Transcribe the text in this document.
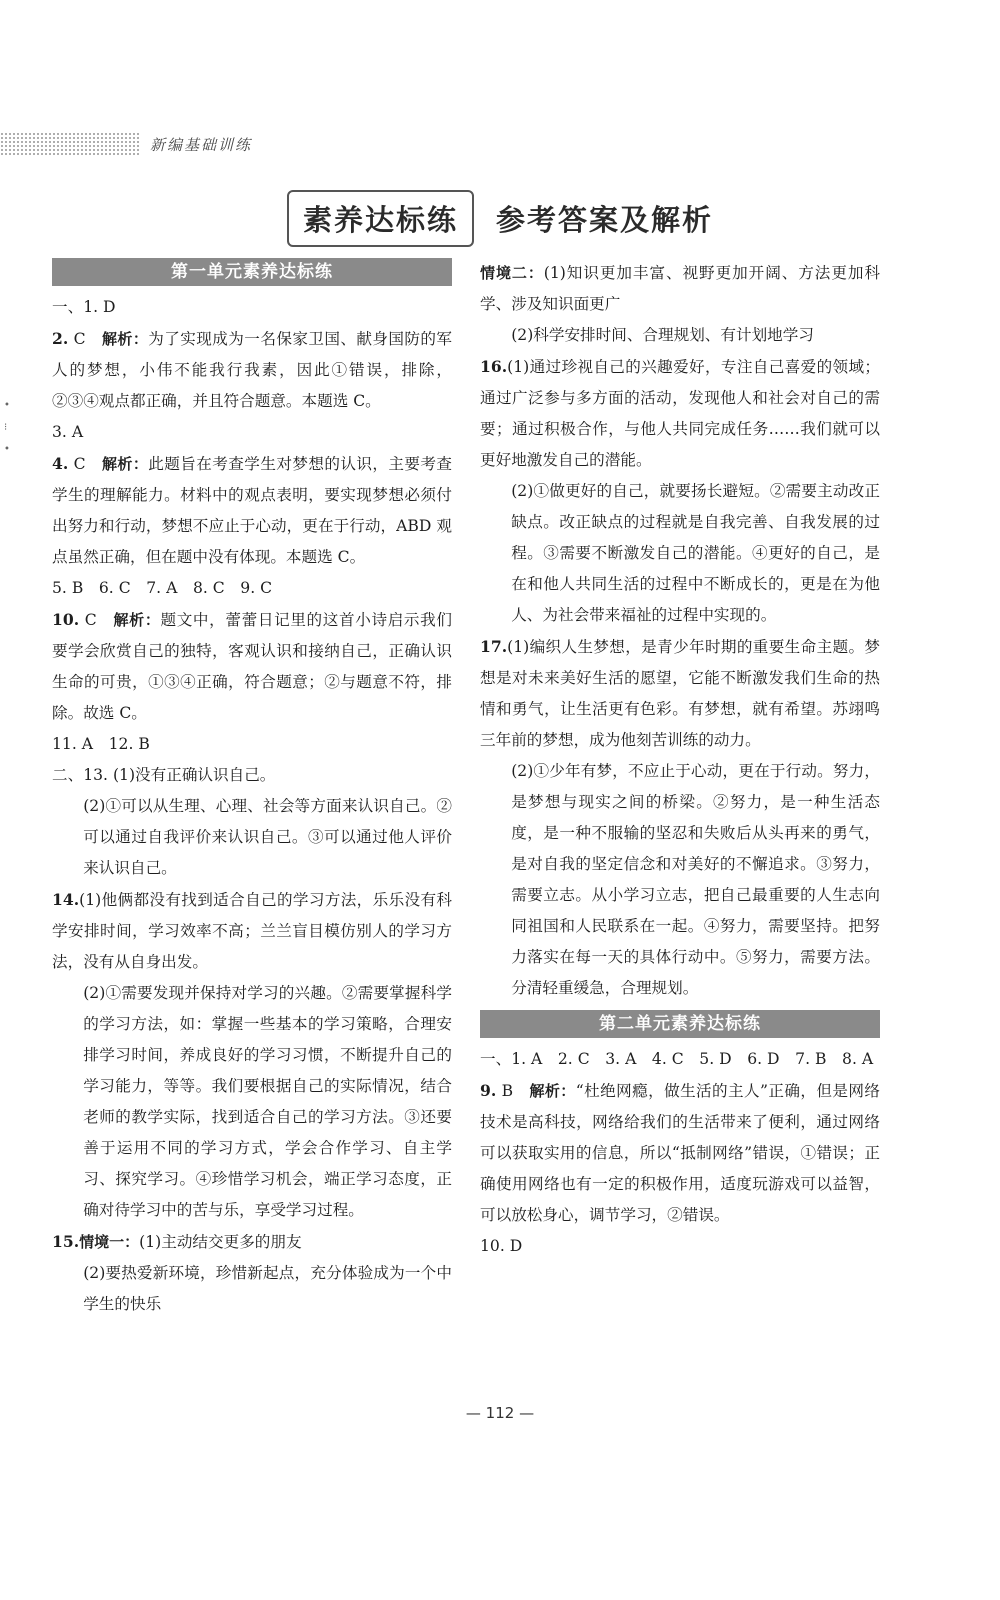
新编基础训练
•
⁝
•
素养达标练	参考答案及解析
第一单元素养达标练
一、1. D
2. C　解析：为了实现成为一名保家卫国、献身国防的军人的梦想，小伟不能我行我素，因此①错误，排除，②③④观点都正确，并且符合题意。本题选 C。
3. A
4. C　解析：此题旨在考查学生对梦想的认识，主要考查学生的理解能力。材料中的观点表明，要实现梦想必须付出努力和行动，梦想不应止于心动，更在于行动，ABD 观点虽然正确，但在题中没有体现。本题选 C。
5. B　6. C　7. A　8. C　9. C
10. C　解析：题文中，蕾蕾日记里的这首小诗启示我们要学会欣赏自己的独特，客观认识和接纳自己，正确认识生命的可贵，①③④正确，符合题意；②与题意不符，排除。故选 C。
11. A　12. B
二、13. (1)没有正确认识自己。
(2)①可以从生理、心理、社会等方面来认识自己。②可以通过自我评价来认识自己。③可以通过他人评价来认识自己。
14.(1)他俩都没有找到适合自己的学习方法，乐乐没有科学安排时间，学习效率不高；兰兰盲目模仿别人的学习方法，没有从自身出发。
(2)①需要发现并保持对学习的兴趣。②需要掌握科学的学习方法，如：掌握一些基本的学习策略，合理安排学习时间，养成良好的学习习惯，不断提升自己的学习能力，等等。我们要根据自己的实际情况，结合老师的教学实际，找到适合自己的学习方法。③还要善于运用不同的学习方式，学会合作学习、自主学习、探究学习。④珍惜学习机会，端正学习态度，正确对待学习中的苦与乐，享受学习过程。
15.情境一：(1)主动结交更多的朋友
(2)要热爱新环境，珍惜新起点，充分体验成为一个中学生的快乐
情境二：(1)知识更加丰富、视野更加开阔、方法更加科学、涉及知识面更广
(2)科学安排时间、合理规划、有计划地学习
16.(1)通过珍视自己的兴趣爱好，专注自己喜爱的领域；通过广泛参与多方面的活动，发现他人和社会对自己的需要；通过积极合作，与他人共同完成任务……我们就可以更好地激发自己的潜能。
(2)①做更好的自己，就要扬长避短。②需要主动改正缺点。改正缺点的过程就是自我完善、自我发展的过程。③需要不断激发自己的潜能。④更好的自己，是在和他人共同生活的过程中不断成长的，更是在为他人、为社会带来福祉的过程中实现的。
17.(1)编织人生梦想，是青少年时期的重要生命主题。梦想是对未来美好生活的愿望，它能不断激发我们生命的热情和勇气，让生活更有色彩。有梦想，就有希望。苏翊鸣三年前的梦想，成为他刻苦训练的动力。
(2)①少年有梦，不应止于心动，更在于行动。努力，是梦想与现实之间的桥梁。②努力，是一种生活态度，是一种不服输的坚忍和失败后从头再来的勇气，是对自我的坚定信念和对美好的不懈追求。③努力，需要立志。从小学习立志，把自己最重要的人生志向同祖国和人民联系在一起。④努力，需要坚持。把努力落实在每一天的具体行动中。⑤努力，需要方法。分清轻重缓急，合理规划。
第二单元素养达标练
一、1. A　2. C　3. A　4. C　5. D　6. D　7. B　8. A
9. B　解析：“杜绝网瘾，做生活的主人”正确，但是网络技术是高科技，网络给我们的生活带来了便利，通过网络可以获取实用的信息，所以“抵制网络”错误，①错误；正确使用网络也有一定的积极作用，适度玩游戏可以益智，可以放松身心，调节学习，②错误。
10. D
— 112 —
